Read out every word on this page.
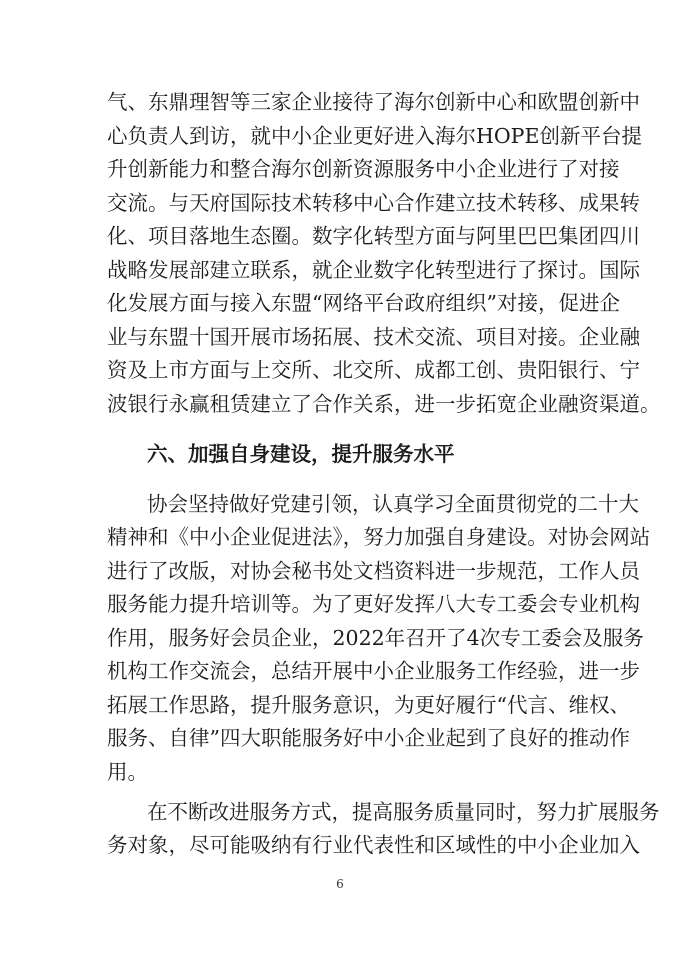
气、东鼎理智等三家企业接待了海尔创新中心和欧盟创新中
心负责人到访，就中小企业更好进入海尔HOPE创新平台提
升创新能力和整合海尔创新资源服务中小企业进行了对接
交流。与天府国际技术转移中心合作建立技术转移、成果转
化、项目落地生态圈。数字化转型方面与阿里巴巴集团四川
战略发展部建立联系，就企业数字化转型进行了探讨。国际
化发展方面与接入东盟“网络平台政府组织”对接，促进企
业与东盟十国开展市场拓展、技术交流、项目对接。企业融
资及上市方面与上交所、北交所、成都工创、贵阳银行、宁
波银行永赢租赁建立了合作关系，进一步拓宽企业融资渠道。
六、加强自身建设，提升服务水平
协会坚持做好党建引领，认真学习全面贯彻党的二十大
精神和《中小企业促进法》，努力加强自身建设。对协会网站
进行了改版，对协会秘书处文档资料进一步规范，工作人员
服务能力提升培训等。为了更好发挥八大专工委会专业机构
作用，服务好会员企业，2022年召开了4次专工委会及服务
机构工作交流会，总结开展中小企业服务工作经验，进一步
拓展工作思路，提升服务意识，为更好履行“代言、维权、
服务、自律”四大职能服务好中小企业起到了良好的推动作
用。
在不断改进服务方式，提高服务质量同时，努力扩展服务
务对象，尽可能吸纳有行业代表性和区域性的中小企业加入
6
